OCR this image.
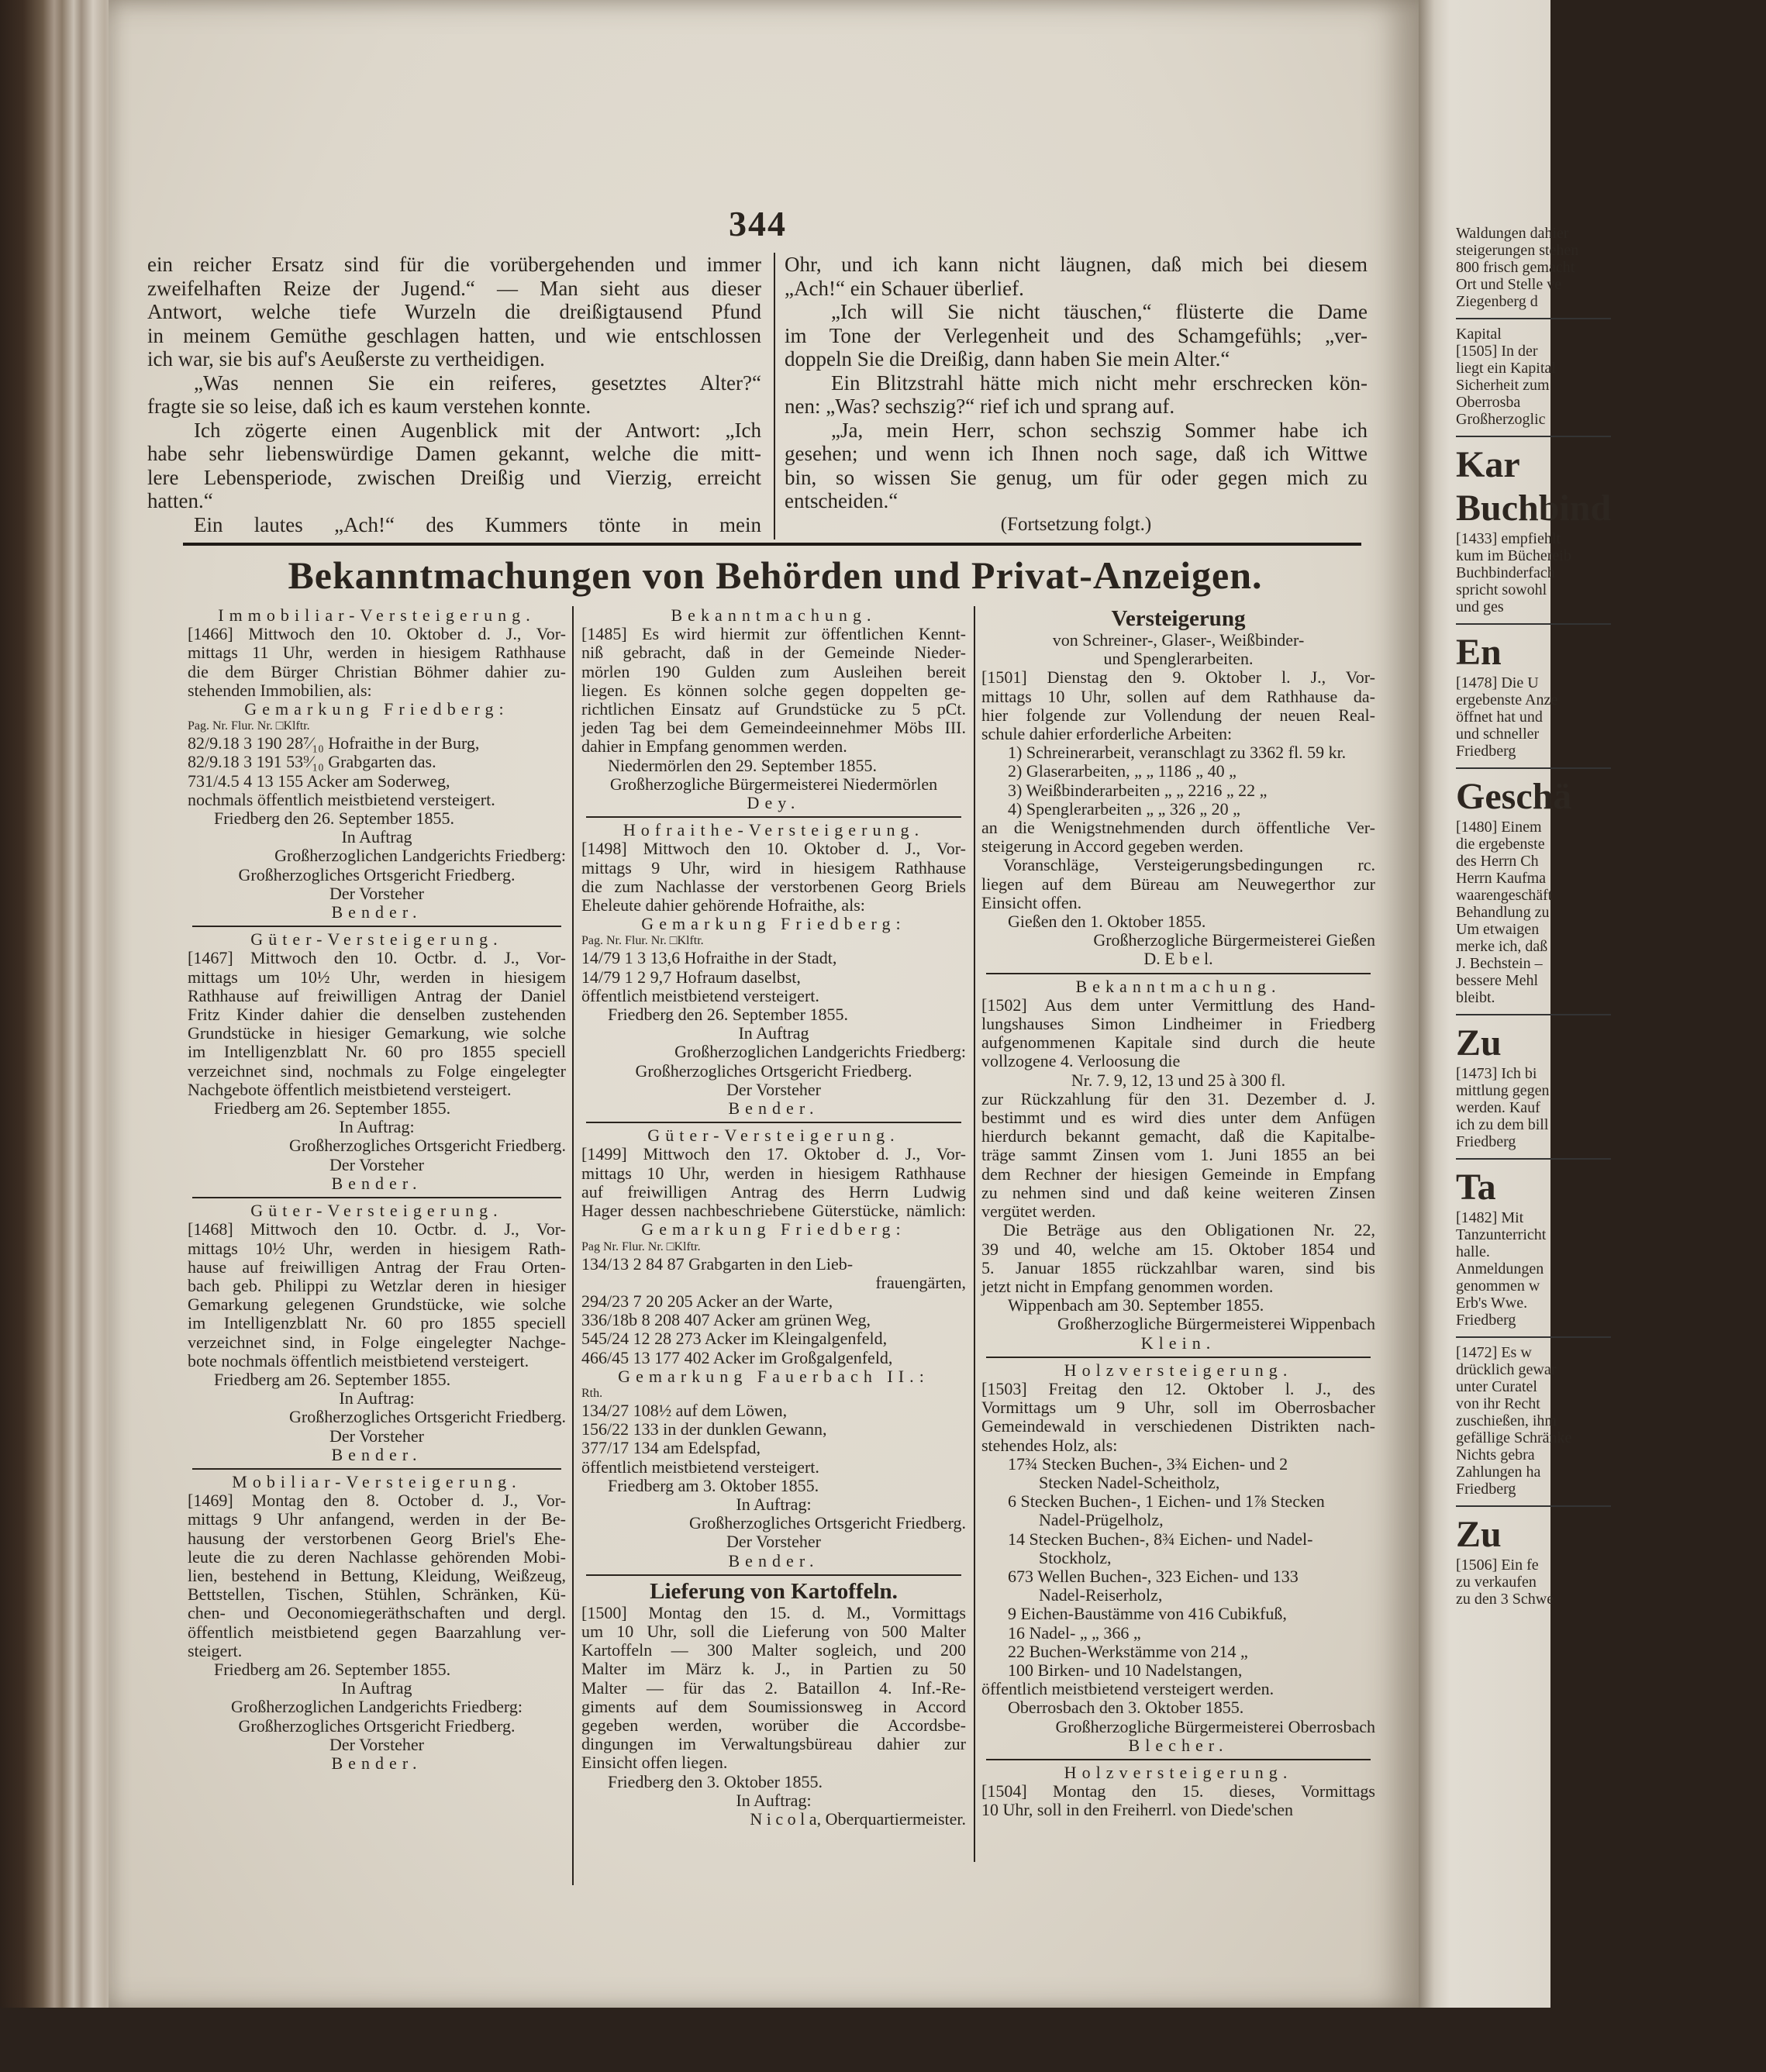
Waldungen dahier
steigerungen stehen
800 frisch gemacht
Ort und Stelle ve
Ziegenberg d
Kapital
[1505] In der
liegt ein Kapital
Sicherheit zum
Oberrosba
Großherzoglic
Kar
Buchbind
[1433] empfiehlt
kum im Büchereib
Buchbinderfach
spricht sowohl
und ges
En
[1478] Die U
ergebenste Anze
öffnet hat und
und schneller
Friedberg
Geschä
[1480] Einem
die ergebenste
des Herrn Ch
Herrn Kaufma
waarengeschäft
Behandlung zu
Um etwaigen
merke ich, daß
J. Bechstein –
bessere Mehl
bleibt.
Zu
[1473] Ich bi
mittlung gegen
werden. Kauf
ich zu dem bill
Friedberg
Ta
[1482] Mit
Tanzunterricht
halle.
Anmeldungen
genommen w
Erb's Wwe.
Friedberg
[1472] Es w
drücklich gewar
unter Curatel
von ihr Recht
zuschießen, ihm
gefällige Schränke
Nichts gebra
Zahlungen ha
Friedberg
Zu
[1506] Ein fe
zu verkaufen
zu den 3 Schwe
344
ein reicher Ersatz sind für die vorübergehenden und immer
zweifelhaften Reize der Jugend.“ — Man sieht aus dieser
Antwort, welche tiefe Wurzeln die dreißigtausend Pfund
in meinem Gemüthe geschlagen hatten, und wie entschlossen
ich war, sie bis auf's Aeußerste zu vertheidigen.
„Was nennen Sie ein reiferes, gesetztes Alter?“
fragte sie so leise, daß ich es kaum verstehen konnte.
Ich zögerte einen Augenblick mit der Antwort: „Ich
habe sehr liebenswürdige Damen gekannt, welche die mitt-
lere Lebensperiode, zwischen Dreißig und Vierzig, erreicht
hatten.“
Ein lautes „Ach!“ des Kummers tönte in mein
Ohr, und ich kann nicht läugnen, daß mich bei diesem
„Ach!“ ein Schauer überlief.
„Ich will Sie nicht täuschen,“ flüsterte die Dame
im Tone der Verlegenheit und des Schamgefühls; „ver-
doppeln Sie die Dreißig, dann haben Sie mein Alter.“
Ein Blitzstrahl hätte mich nicht mehr erschrecken kön-
nen: „Was? sechszig?“ rief ich und sprang auf.
„Ja, mein Herr, schon sechszig Sommer habe ich
gesehen; und wenn ich Ihnen noch sage, daß ich Wittwe
bin, so wissen Sie genug, um für oder gegen mich zu
entscheiden.“
(Fortsetzung folgt.)
Bekanntmachungen von Behörden und Privat-Anzeigen.
Immobiliar-Versteigerung.
[1466] Mittwoch den 10. Oktober d. J., Vor-
mittags 11 Uhr, werden in hiesigem Rathhause
die dem Bürger Christian Böhmer dahier zu-
stehenden Immobilien, als:
Gemarkung Friedberg:
Pag. Nr. Flur. Nr. □Klftr.
82/9.18 3 190 28⁷⁄₁₀ Hofraithe in der Burg,
82/9.18 3 191 53⁹⁄₁₀ Grabgarten das.
731/4.5 4 13 155 Acker am Soderweg,
nochmals öffentlich meistbietend versteigert.
Friedberg den 26. September 1855.
In Auftrag
Großherzoglichen Landgerichts Friedberg:
Großherzogliches Ortsgericht Friedberg.
Der Vorsteher
Bender.
Güter-Versteigerung.
[1467] Mittwoch den 10. Octbr. d. J., Vor-
mittags um 10½ Uhr, werden in hiesigem
Rathhause auf freiwilligen Antrag der Daniel
Fritz Kinder dahier die denselben zustehenden
Grundstücke in hiesiger Gemarkung, wie solche
im Intelligenzblatt Nr. 60 pro 1855 speciell
verzeichnet sind, nochmals zu Folge eingelegter
Nachgebote öffentlich meistbietend versteigert.
Friedberg am 26. September 1855.
In Auftrag:
Großherzogliches Ortsgericht Friedberg.
Der Vorsteher
Bender.
Güter-Versteigerung.
[1468] Mittwoch den 10. Octbr. d. J., Vor-
mittags 10½ Uhr, werden in hiesigem Rath-
hause auf freiwilligen Antrag der Frau Orten-
bach geb. Philippi zu Wetzlar deren in hiesiger
Gemarkung gelegenen Grundstücke, wie solche
im Intelligenzblatt Nr. 60 pro 1855 speciell
verzeichnet sind, in Folge eingelegter Nachge-
bote nochmals öffentlich meistbietend versteigert.
Friedberg am 26. September 1855.
In Auftrag:
Großherzogliches Ortsgericht Friedberg.
Der Vorsteher
Bender.
Mobiliar-Versteigerung.
[1469] Montag den 8. October d. J., Vor-
mittags 9 Uhr anfangend, werden in der Be-
hausung der verstorbenen Georg Briel's Ehe-
leute die zu deren Nachlasse gehörenden Mobi-
lien, bestehend in Bettung, Kleidung, Weißzeug,
Bettstellen, Tischen, Stühlen, Schränken, Kü-
chen- und Oeconomiegeräthschaften und dergl.
öffentlich meistbietend gegen Baarzahlung ver-
steigert.
Friedberg am 26. September 1855.
In Auftrag
Großherzoglichen Landgerichts Friedberg:
Großherzogliches Ortsgericht Friedberg.
Der Vorsteher
Bender.
Bekanntmachung.
[1485] Es wird hiermit zur öffentlichen Kennt-
niß gebracht, daß in der Gemeinde Nieder-
mörlen 190 Gulden zum Ausleihen bereit
liegen. Es können solche gegen doppelten ge-
richtlichen Einsatz auf Grundstücke zu 5 pCt.
jeden Tag bei dem Gemeindeeinnehmer Möbs III.
dahier in Empfang genommen werden.
Niedermörlen den 29. September 1855.
Großherzogliche Bürgermeisterei Niedermörlen
Dey.
Hofraithe-Versteigerung.
[1498] Mittwoch den 10. Oktober d. J., Vor-
mittags 9 Uhr, wird in hiesigem Rathhause
die zum Nachlasse der verstorbenen Georg Briels
Eheleute dahier gehörende Hofraithe, als:
Gemarkung Friedberg:
Pag. Nr. Flur. Nr. □Klftr.
14/79 1 3 13,6 Hofraithe in der Stadt,
14/79 1 2 9,7 Hofraum daselbst,
öffentlich meistbietend versteigert.
Friedberg den 26. September 1855.
In Auftrag
Großherzoglichen Landgerichts Friedberg:
Großherzogliches Ortsgericht Friedberg.
Der Vorsteher
Bender.
Güter-Versteigerung.
[1499] Mittwoch den 17. Oktober d. J., Vor-
mittags 10 Uhr, werden in hiesigem Rathhause
auf freiwilligen Antrag des Herrn Ludwig
Hager dessen nachbeschriebene Güterstücke, nämlich:
Gemarkung Friedberg:
Pag Nr. Flur. Nr. □Klftr.
134/13 2 84 87 Grabgarten in den Lieb-
frauengärten,
294/23 7 20 205 Acker an der Warte,
336/18b 8 208 407 Acker am grünen Weg,
545/24 12 28 273 Acker im Kleingalgenfeld,
466/45 13 177 402 Acker im Großgalgenfeld,
Gemarkung Fauerbach II.:
Rth.
134/27 108½ auf dem Löwen,
156/22 133 in der dunklen Gewann,
377/17 134 am Edelspfad,
öffentlich meistbietend versteigert.
Friedberg am 3. Oktober 1855.
In Auftrag:
Großherzogliches Ortsgericht Friedberg.
Der Vorsteher
Bender.
Lieferung von Kartoffeln.
[1500] Montag den 15. d. M., Vormittags
um 10 Uhr, soll die Lieferung von 500 Malter
Kartoffeln — 300 Malter sogleich, und 200
Malter im März k. J., in Partien zu 50
Malter — für das 2. Bataillon 4. Inf.-Re-
giments auf dem Soumissionsweg in Accord
gegeben werden, worüber die Accordsbe-
dingungen im Verwaltungsbüreau dahier zur
Einsicht offen liegen.
Friedberg den 3. Oktober 1855.
In Auftrag:
N i c o l a, Oberquartiermeister.
Versteigerung
von Schreiner-, Glaser-, Weißbinder-
und Spenglerarbeiten.
[1501] Dienstag den 9. Oktober l. J., Vor-
mittags 10 Uhr, sollen auf dem Rathhause da-
hier folgende zur Vollendung der neuen Real-
schule dahier erforderliche Arbeiten:
1) Schreinerarbeit, veranschlagt zu 3362 fl. 59 kr.
2) Glaserarbeiten, „ „ 1186 „ 40 „
3) Weißbinderarbeiten „ „ 2216 „ 22 „
4) Spenglerarbeiten „ „ 326 „ 20 „
an die Wenigstnehmenden durch öffentliche Ver-
steigerung in Accord gegeben werden.
Voranschläge, Versteigerungsbedingungen rc.
liegen auf dem Büreau am Neuwegerthor zur
Einsicht offen.
Gießen den 1. Oktober 1855.
Großherzogliche Bürgermeisterei Gießen
D. E b e l.
Bekanntmachung.
[1502] Aus dem unter Vermittlung des Hand-
lungshauses Simon Lindheimer in Friedberg
aufgenommenen Kapitale sind durch die heute
vollzogene 4. Verloosung die
Nr. 7. 9, 12, 13 und 25 à 300 fl.
zur Rückzahlung für den 31. Dezember d. J.
bestimmt und es wird dies unter dem Anfügen
hierdurch bekannt gemacht, daß die Kapitalbe-
träge sammt Zinsen vom 1. Juni 1855 an bei
dem Rechner der hiesigen Gemeinde in Empfang
zu nehmen sind und daß keine weiteren Zinsen
vergütet werden.
Die Beträge aus den Obligationen Nr. 22,
39 und 40, welche am 15. Oktober 1854 und
5. Januar 1855 rückzahlbar waren, sind bis
jetzt nicht in Empfang genommen worden.
Wippenbach am 30. September 1855.
Großherzogliche Bürgermeisterei Wippenbach
Klein.
Holzversteigerung.
[1503] Freitag den 12. Oktober l. J., des
Vormittags um 9 Uhr, soll im Oberrosbacher
Gemeindewald in verschiedenen Distrikten nach-
stehendes Holz, als:
17¾ Stecken Buchen-, 3¾ Eichen- und 2
Stecken Nadel-Scheitholz,
6 Stecken Buchen-, 1 Eichen- und 1⅞ Stecken
Nadel-Prügelholz,
14 Stecken Buchen-, 8¾ Eichen- und Nadel-
Stockholz,
673 Wellen Buchen-, 323 Eichen- und 133
Nadel-Reiserholz,
9 Eichen-Baustämme von 416 Cubikfuß,
16 Nadel- „ „ 366 „
22 Buchen-Werkstämme von 214 „
100 Birken- und 10 Nadelstangen,
öffentlich meistbietend versteigert werden.
Oberrosbach den 3. Oktober 1855.
Großherzogliche Bürgermeisterei Oberrosbach
Blecher.
Holzversteigerung.
[1504] Montag den 15. dieses, Vormittags
10 Uhr, soll in den Freiherrl. von Diede'schen
